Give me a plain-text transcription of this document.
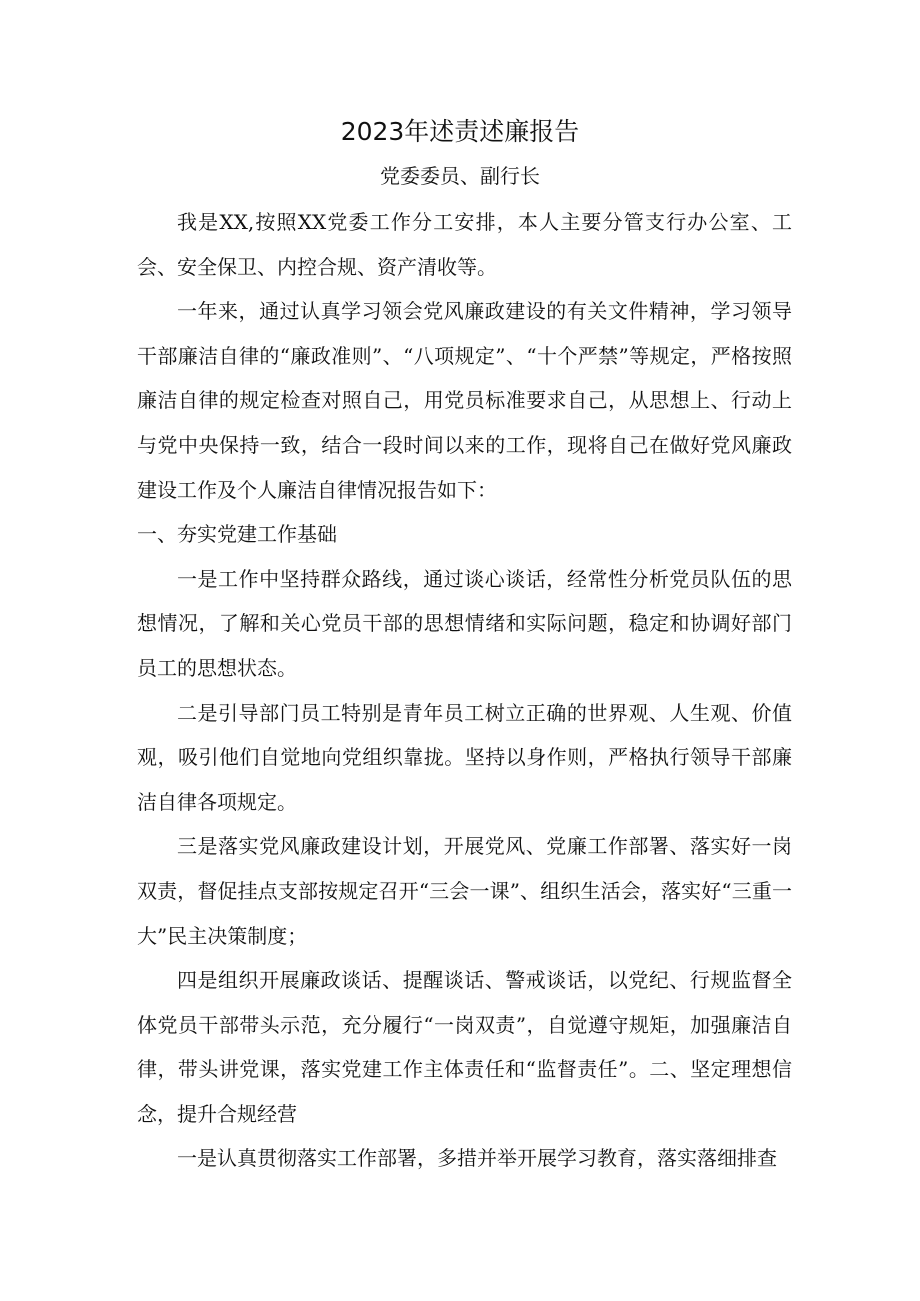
2023年述责述廉报告
党委委员、副行长

我是XX,按照XX党委工作分工安排，本人主要分管支行办公室、工会、安全保卫、内控合规、资产清收等。

一年来，通过认真学习领会党风廉政建设的有关文件精神，学习领导干部廉洁自律的“廉政准则”、“八项规定”、“十个严禁”等规定，严格按照廉洁自律的规定检查对照自己，用党员标准要求自己，从思想上、行动上与党中央保持一致，结合一段时间以来的工作，现将自己在做好党风廉政建设工作及个人廉洁自律情况报告如下：

一、夯实党建工作基础

一是工作中坚持群众路线，通过谈心谈话，经常性分析党员队伍的思想情况，了解和关心党员干部的思想情绪和实际问题，稳定和协调好部门员工的思想状态。

二是引导部门员工特别是青年员工树立正确的世界观、人生观、价值观，吸引他们自觉地向党组织靠拢。坚持以身作则，严格执行领导干部廉洁自律各项规定。

三是落实党风廉政建设计划，开展党风、党廉工作部署、落实好一岗双责，督促挂点支部按规定召开“三会一课”、组织生活会，落实好“三重一大”民主决策制度；

四是组织开展廉政谈话、提醒谈话、警戒谈话，以党纪、行规监督全体党员干部带头示范，充分履行“一岗双责”，自觉遵守规矩，加强廉洁自律，带头讲党课，落实党建工作主体责任和“监督责任”。二、坚定理想信念，提升合规经营

一是认真贯彻落实工作部署，多措并举开展学习教育，落实落细排查
